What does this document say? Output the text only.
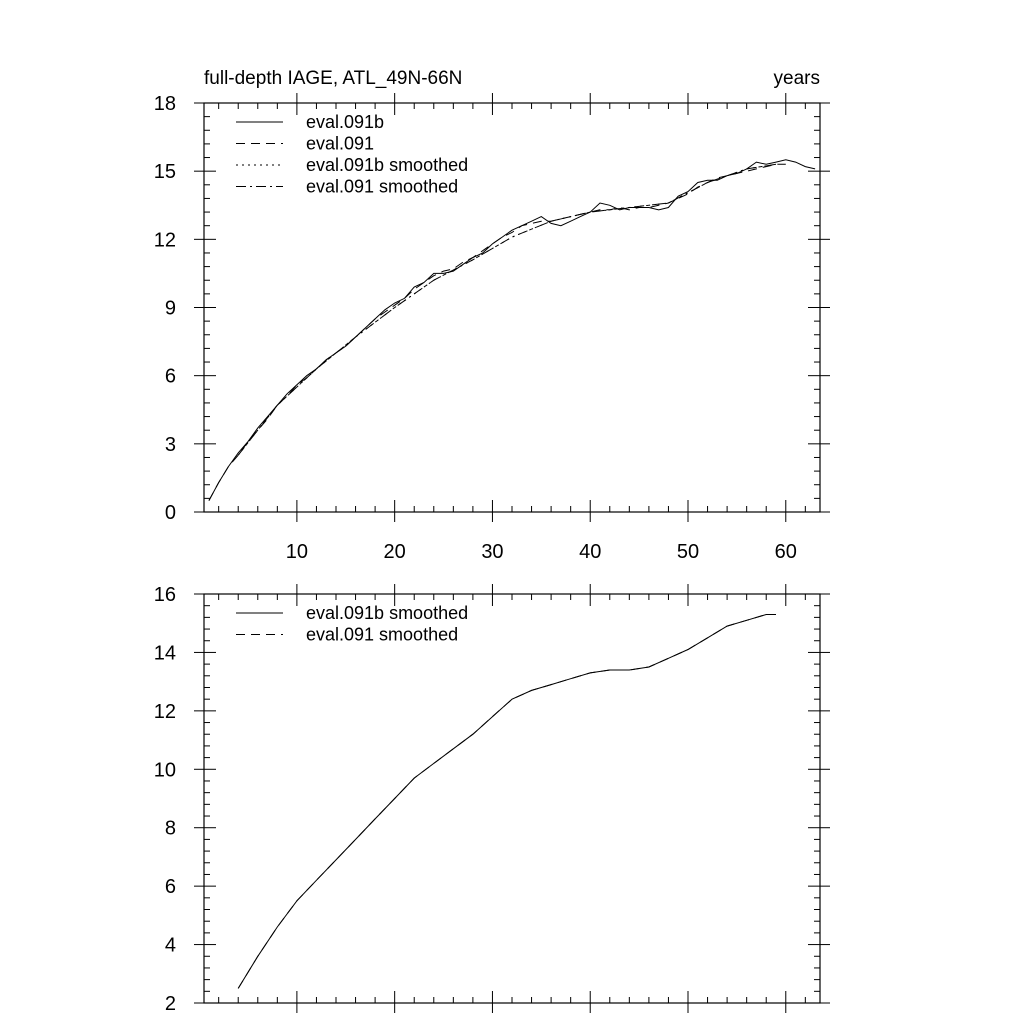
full-depth IAGE, ATL_49N-66N	years
10	20	30	40	50	60
0
3
6
9
12
15
18
eval.091b
eval.091
eval.091b smoothed
eval.091 smoothed
2
4
6
8
10
12
14
16
eval.091b smoothed
eval.091 smoothed
